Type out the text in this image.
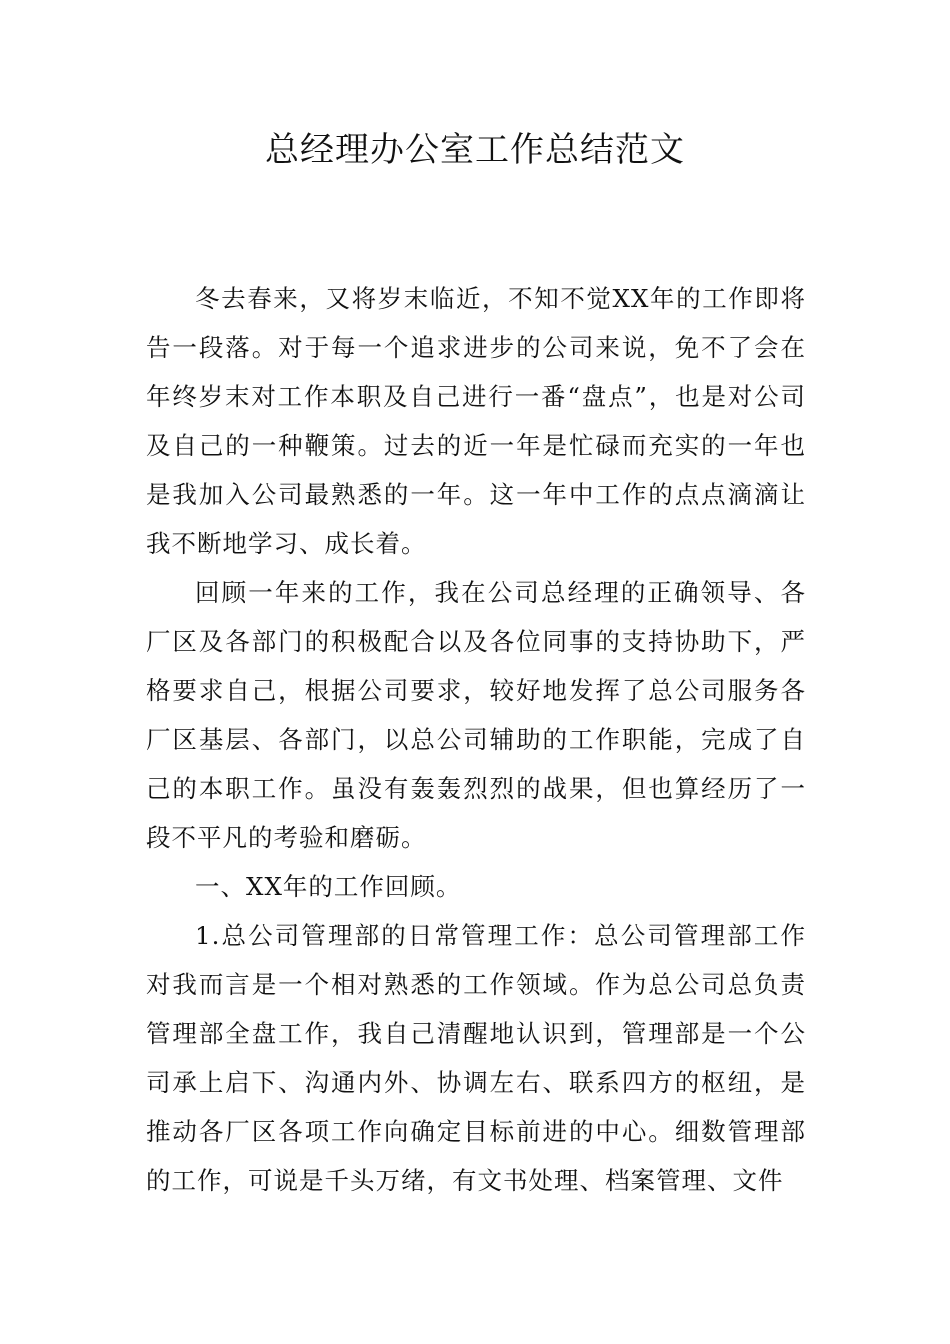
总经理办公室工作总结范文

冬去春来，又将岁末临近，不知不觉XX年的工作即将告一段落。对于每一个追求进步的公司来说，免不了会在年终岁末对工作本职及自己进行一番“盘点”，也是对公司及自己的一种鞭策。过去的近一年是忙碌而充实的一年也是我加入公司最熟悉的一年。这一年中工作的点点滴滴让我不断地学习、成长着。

回顾一年来的工作，我在公司总经理的正确领导、各厂区及各部门的积极配合以及各位同事的支持协助下，严格要求自己，根据公司要求，较好地发挥了总公司服务各厂区基层、各部门，以总公司辅助的工作职能，完成了自己的本职工作。虽没有轰轰烈烈的战果，但也算经历了一段不平凡的考验和磨砺。

一、XX年的工作回顾。

1.总公司管理部的日常管理工作：总公司管理部工作对我而言是一个相对熟悉的工作领域。作为总公司总负责管理部全盘工作，我自己清醒地认识到，管理部是一个公司承上启下、沟通内外、协调左右、联系四方的枢纽，是推动各厂区各项工作向确定目标前进的中心。细数管理部的工作，可说是千头万绪，有文书处理、档案管理、文件
